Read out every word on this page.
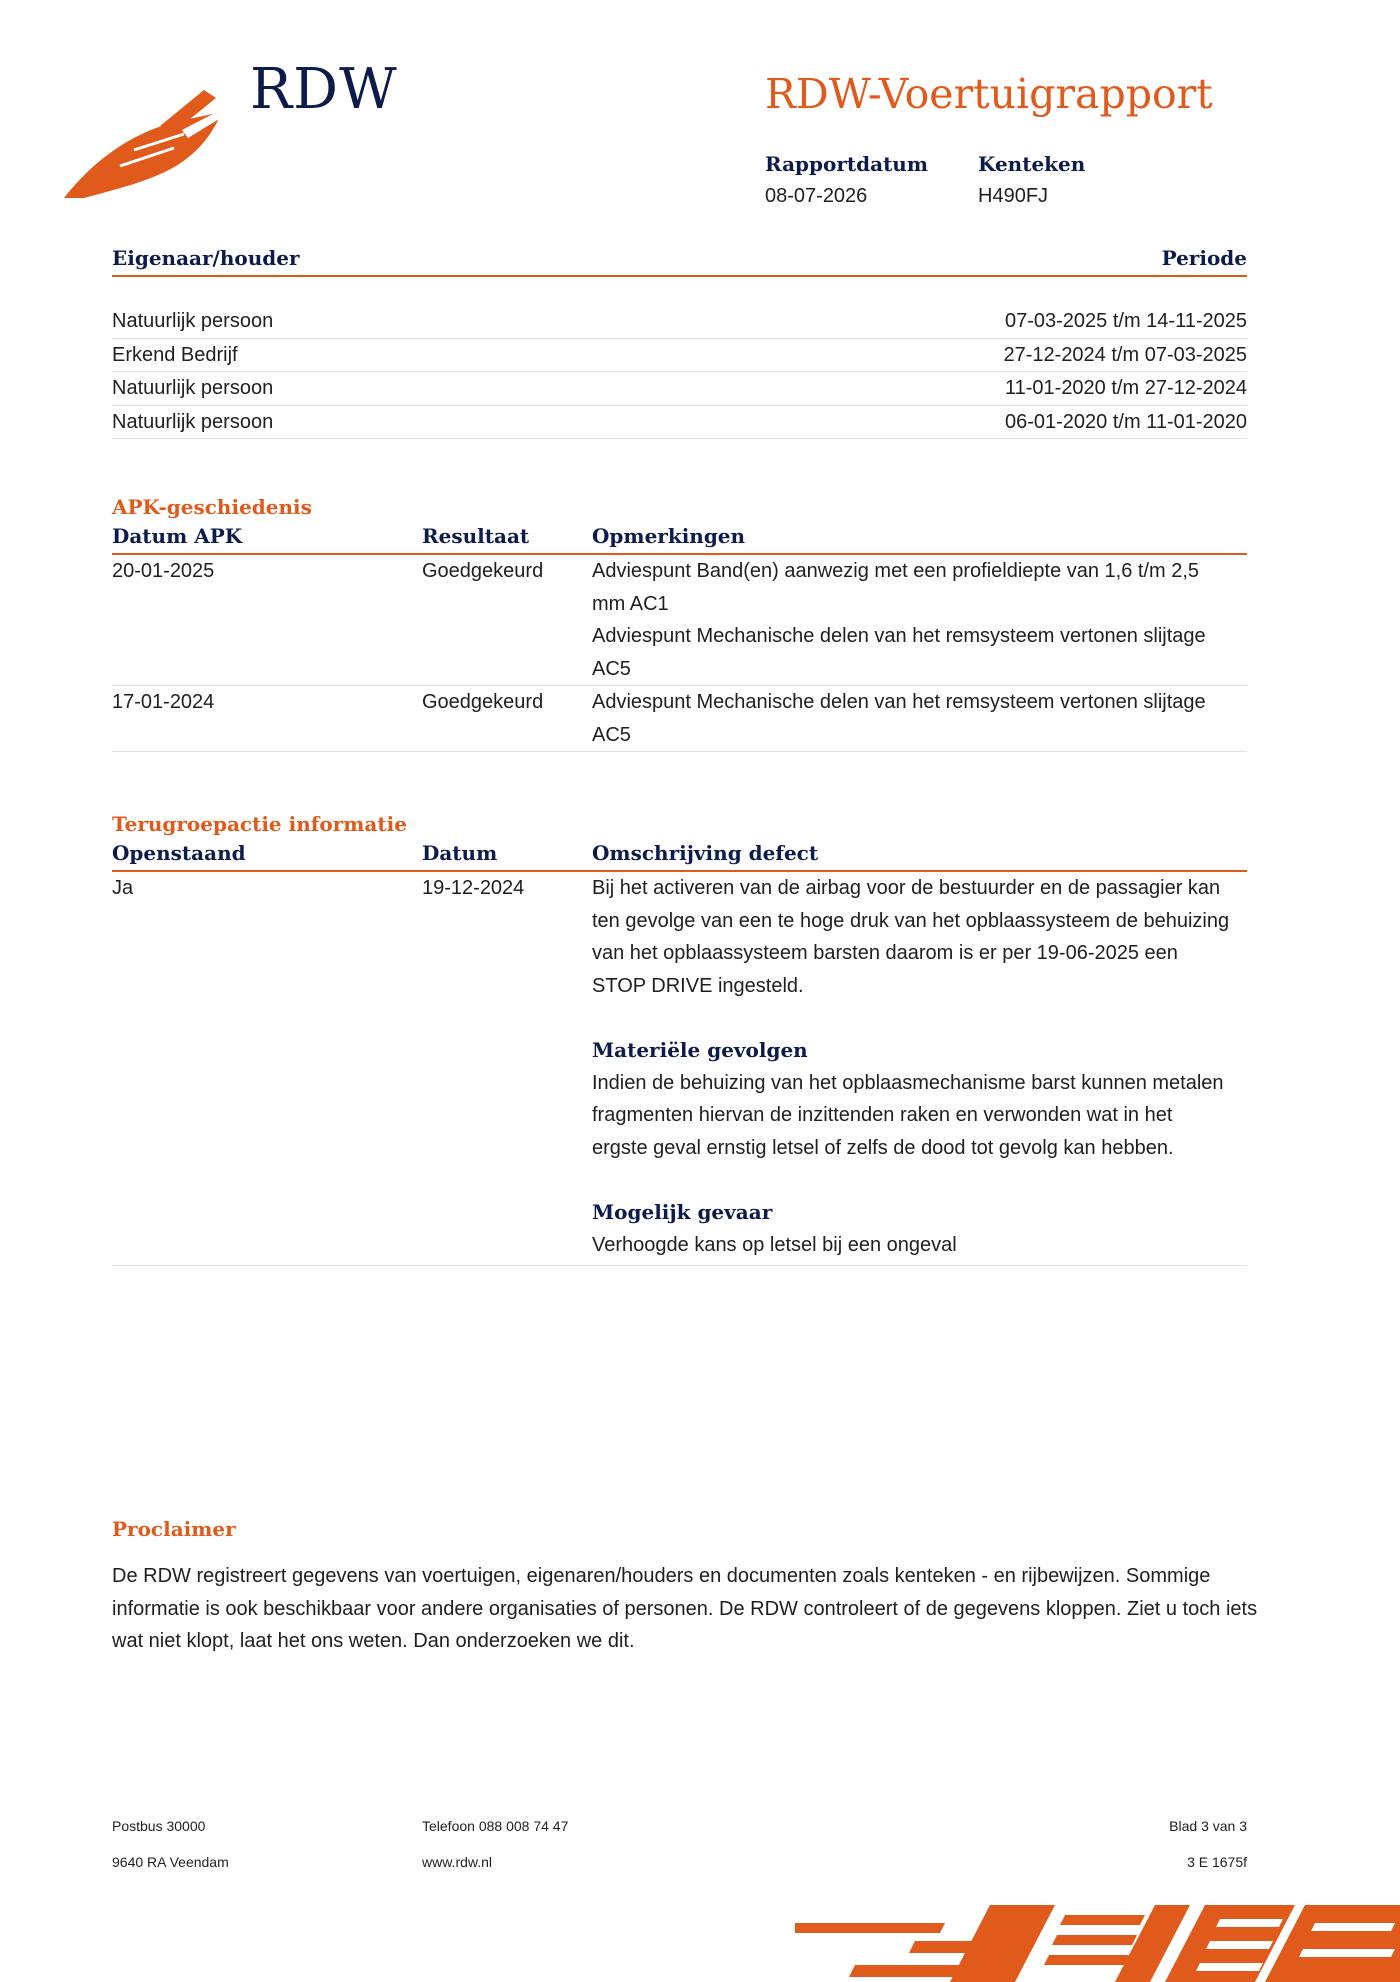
RDW	RDW-Voertuigrapport
Rapportdatum
08-07-2026
Kenteken
H490FJ
Eigenaar/houder	Periode
Natuurlijk persoon	07-03-2025 t/m 14-11-2025
Erkend Bedrijf	27-12-2024 t/m 07-03-2025
Natuurlijk persoon	11-01-2020 t/m 27-12-2024
Natuurlijk persoon	06-01-2020 t/m 11-01-2020
APK-geschiedenis
Datum APK	Resultaat	Opmerkingen
20-01-2025	Goedgekeurd	Adviespunt Band(en) aanwezig met een profieldiepte van 1,6 t/m 2,5 mm AC1
Adviespunt Mechanische delen van het remsysteem vertonen slijtage AC5
17-01-2024	Goedgekeurd	Adviespunt Mechanische delen van het remsysteem vertonen slijtage AC5
Terugroepactie informatie
Openstaand	Datum	Omschrijving defect
Ja	19-12-2024	Bij het activeren van de airbag voor de bestuurder en de passagier kan ten gevolge van een te hoge druk van het opblaassysteem de behuizing van het opblaassysteem barsten daarom is er per 19-06-2025 een STOP DRIVE ingesteld.
Materiële gevolgen
Indien de behuizing van het opblaasmechanisme barst kunnen metalen fragmenten hiervan de inzittenden raken en verwonden wat in het ergste geval ernstig letsel of zelfs de dood tot gevolg kan hebben.
Mogelijk gevaar
Verhoogde kans op letsel bij een ongeval
Proclaimer
De RDW registreert gegevens van voertuigen, eigenaren/houders en documenten zoals kenteken - en rijbewijzen. Sommige informatie is ook beschikbaar voor andere organisaties of personen. De RDW controleert of de gegevens kloppen. Ziet u toch iets wat niet klopt, laat het ons weten. Dan onderzoeken we dit.
Postbus 30000
9640 RA Veendam
Telefoon 088 008 74 47
www.rdw.nl
Blad 3 van 3
3 E 1675f
